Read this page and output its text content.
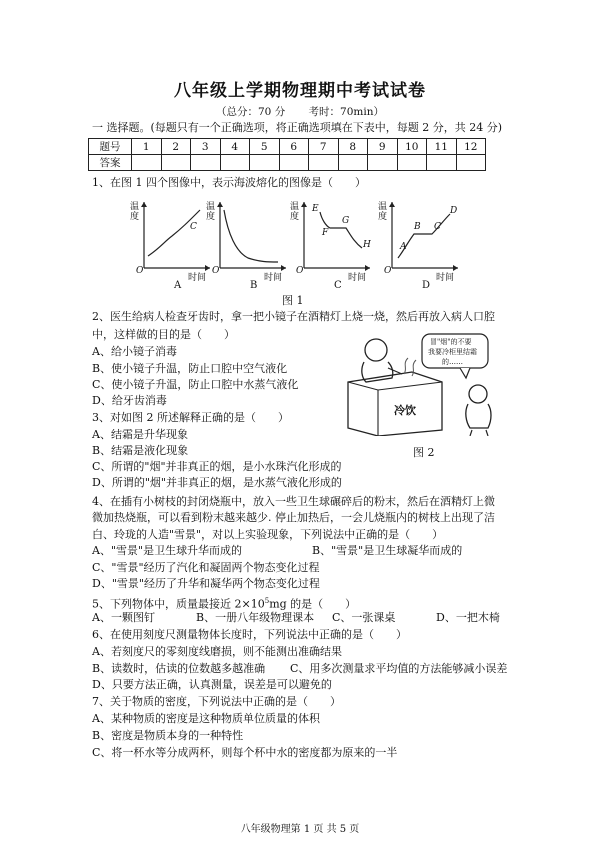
八年级上学期物理期中考试试卷
（总分：70 分 考时：70min）
一 选择题。(每题只有一个正确选项，将正确选项填在下表中，每题 2 分，共 24 分)
题号	1	2	3	4	5	6	7	8	9	10	11	12
答案												
1、在图 1 四个图像中，表示海波熔化的图像是（　　）
温度
时间
O
C
A
温度
时间
O
B
温度
时间
O
E
F
G
H
C
温度
时间
O
A
B C
D
D
图 1
2、医生给病人检查牙齿时，拿一把小镜子在酒精灯上烧一烧，然后再放入病人口腔
中，这样做的目的是（　　）
A、给小镜子消毒
B、使小镜子升温，防止口腔中空气液化
C、使小镜子升温，防止口腔中水蒸气液化
D、给牙齿消毒
冒"烟"的不要
我要冷柜里结霜
的……
冷饮
3、对如图 2 所述解释正确的是（　　）
A、结霜是升华现象
B、结霜是液化现象	图 2
C、所谓的"烟"并非真正的烟，是小水珠汽化形成的
D、所谓的"烟"并非真正的烟，是水蒸气液化形成的
4、在插有小树枝的封闭烧瓶中，放入一些卫生球碾碎后的粉末，然后在酒精灯上微
微加热烧瓶，可以看到粉末越来越少. 停止加热后，一会儿烧瓶内的树枝上出现了洁
白、玲珑的人造"雪景"，对以上实验现象，下列说法中正确的是（　　）
A、"雪景"是卫生球升华而成的	B、"雪景"是卫生球凝华而成的
C、"雪景"经历了汽化和凝固两个物态变化过程
D、"雪景"经历了升华和凝华两个物态变化过程
5、下列物体中，质量最接近 $2\times 10^5mg$ 的是（　　）
A、一颗图钉	B、一册八年级物理课本 C、一张课桌	D、一把木椅
6、在使用刻度尺测量物体长度时，下列说法中正确的是（　　）
A、若刻度尺的零刻度线磨损，则不能测出准确结果
B、读数时，估读的位数越多越准确 C、用多次测量求平均值的方法能够减小误差
D、只要方法正确，认真测量，误差是可以避免的
7、关于物质的密度，下列说法中正确的是（　　）
A、某种物质的密度是这种物质单位质量的体积
B、密度是物质本身的一种特性
C、将一杯水等分成两杯，则每个杯中水的密度都为原来的一半
八年级物理第 1 页 共 5 页
